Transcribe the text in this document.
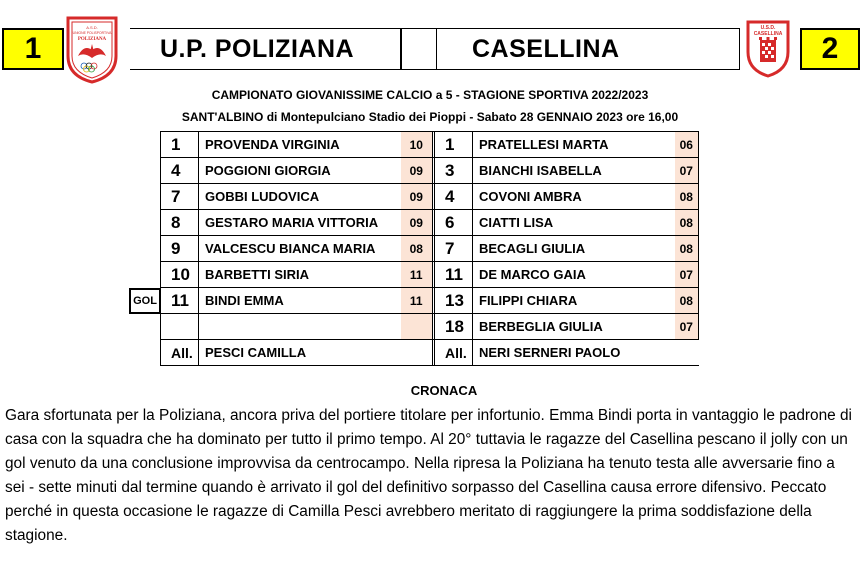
1	U.P. POLIZIANA	CASELLINA	2
A.S.D.
UNIONE POLISPORTIVA
POLIZIANA
U.S.D.
CASELLINA
CAMPIONATO GIOVANISSIME CALCIO a 5 - STAGIONE SPORTIVA 2022/2023
SANT'ALBINO di Montepulciano Stadio dei Pioppi - Sabato 28 GENNAIO 2023 ore 16,00
1	PROVENDA VIRGINIA	10		1	PRATELLESI MARTA	06
4	POGGIONI GIORGIA	09		3	BIANCHI ISABELLA	07
7	GOBBI LUDOVICA	09		4	COVONI AMBRA	08
8	GESTARO MARIA VITTORIA	09		6	CIATTI LISA	08
9	VALCESCU BIANCA MARIA	08		7	BECAGLI GIULIA	08
10	BARBETTI SIRIA	11		11	DE MARCO GAIA	07
11	BINDI EMMA	11		13	FILIPPI CHIARA	08
				18	BERBEGLIA GIULIA	07
All.	PESCI CAMILLA			All.	NERI SERNERI PAOLO	
GOL
CRONACA
Gara sfortunata per la Poliziana, ancora priva del portiere titolare per infortunio. Emma Bindi porta in vantaggio le padrone di
casa con la squadra che ha dominato per tutto il primo tempo. Al 20° tuttavia le ragazze del Casellina pescano il jolly con un
gol venuto da una conclusione improvvisa da centrocampo. Nella ripresa la Poliziana ha tenuto testa alle avversarie fino a
sei - sette minuti dal termine quando è arrivato il gol del definitivo sorpasso del Casellina causa errore difensivo. Peccato
perché in questa occasione le ragazze di Camilla Pesci avrebbero meritato di raggiungere la prima soddisfazione della
stagione.
